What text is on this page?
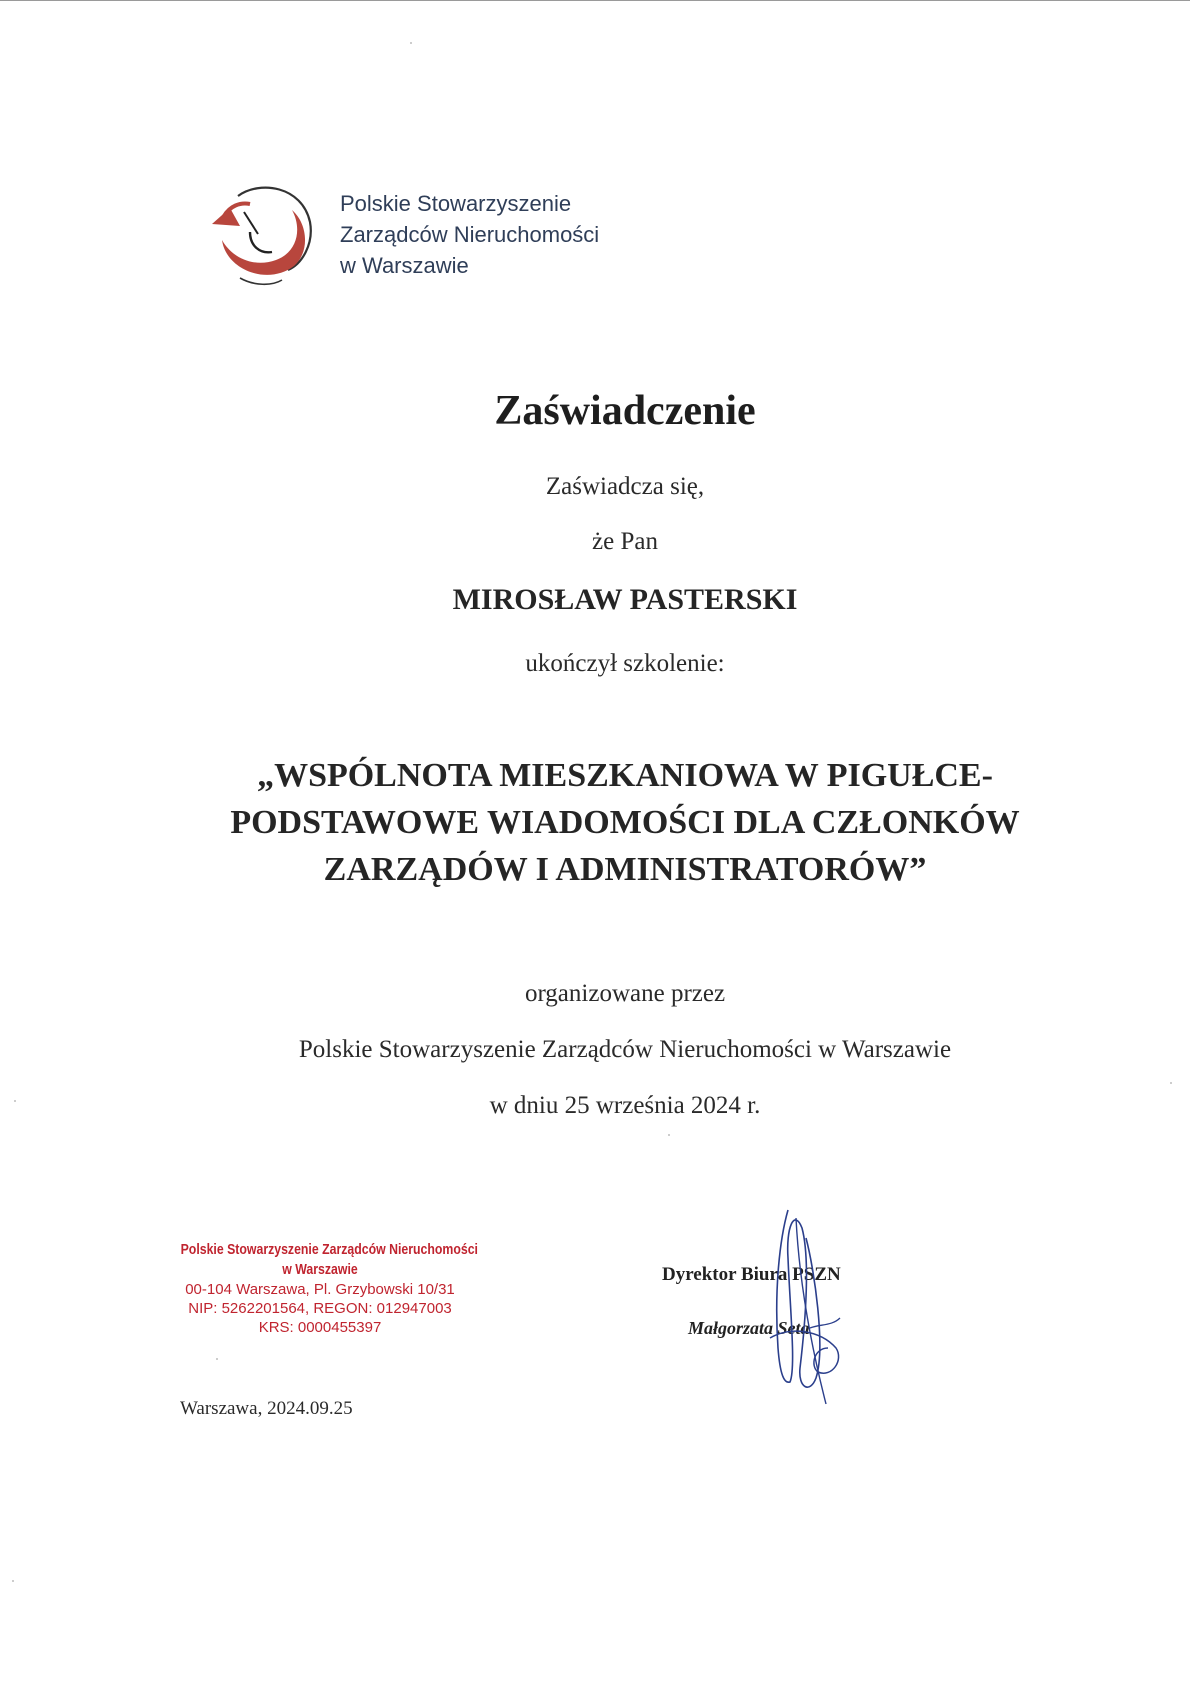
Polskie Stowarzyszenie
Zarządców Nieruchomości
w Warszawie
Zaświadczenie
Zaświadcza się,
że Pan
MIROSŁAW PASTERSKI
ukończył szkolenie:
„WSPÓLNOTA MIESZKANIOWA W PIGUŁCE-
PODSTAWOWE WIADOMOŚCI DLA CZŁONKÓW
ZARZĄDÓW I ADMINISTRATORÓW”
organizowane przez
Polskie Stowarzyszenie Zarządców Nieruchomości w Warszawie
w dniu 25 września 2024 r.
Polskie Stowarzyszenie Zarządców Nieruchomości
w Warszawie
00-104 Warszawa, Pl. Grzybowski 10/31
NIP: 5262201564, REGON: 012947003
KRS: 0000455397
Dyrektor Biura PSZN
Małgorzata Seta
Warszawa, 2024.09.25
